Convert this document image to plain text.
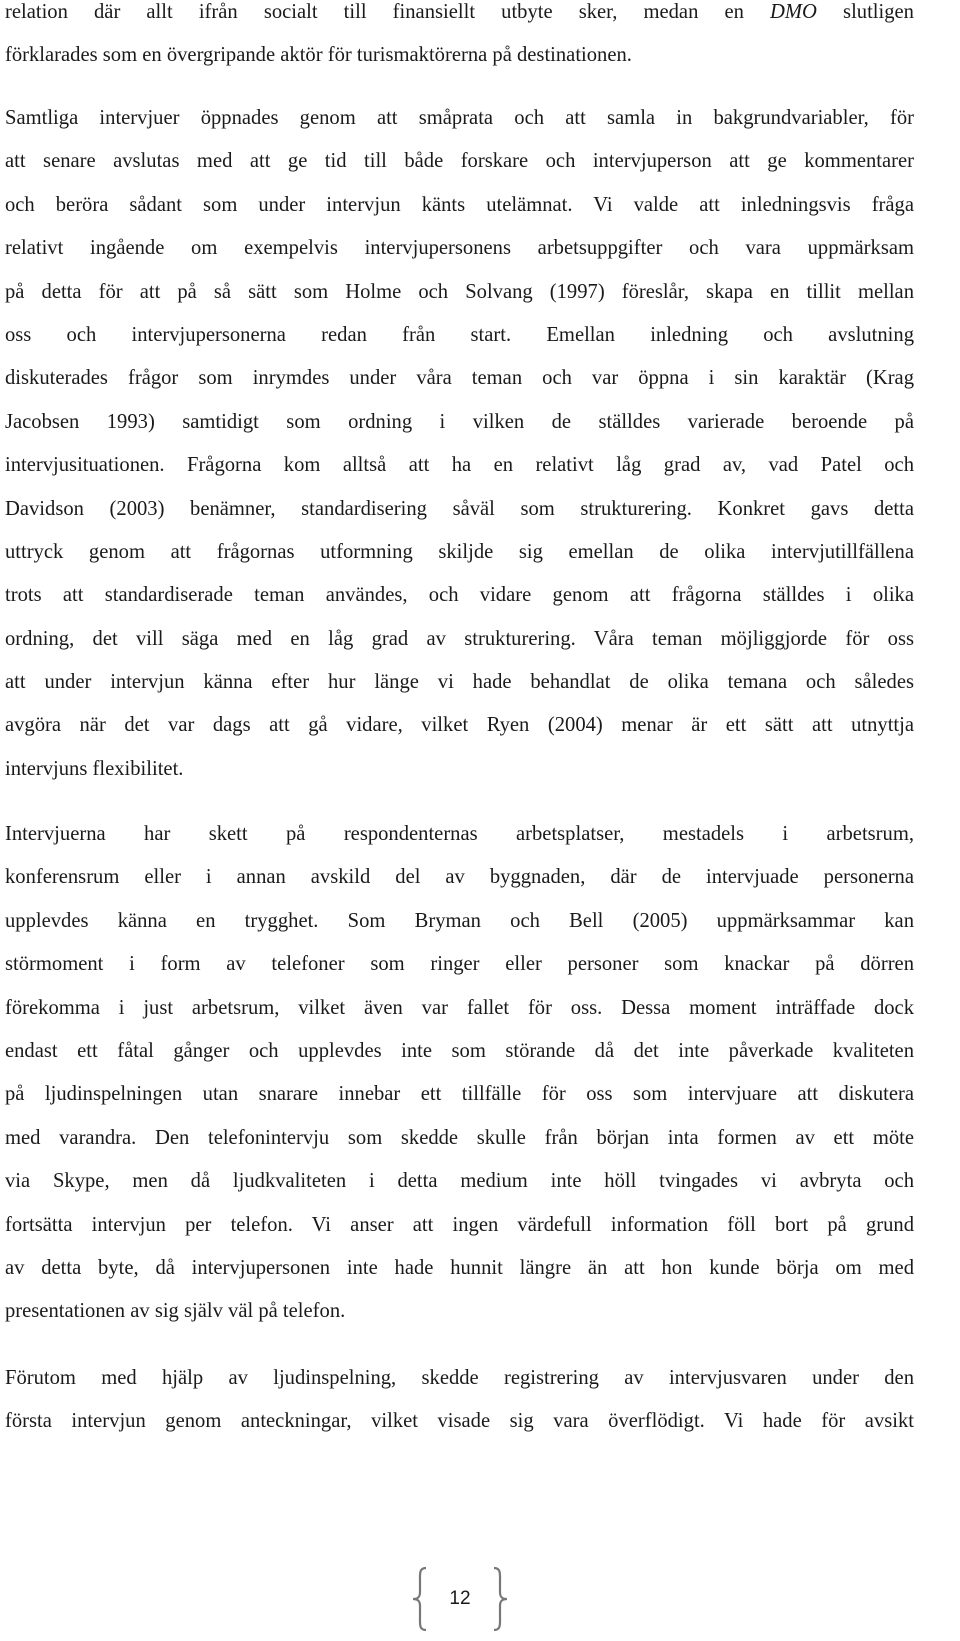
relation där allt ifrån socialt till finansiellt utbyte sker, medan en DMO slutligen
förklarades som en övergripande aktör för turismaktörerna på destinationen.
Samtliga intervjuer öppnades genom att småprata och att samla in bakgrundvariabler, för
att senare avslutas med att ge tid till både forskare och intervjuperson att ge kommentarer
och beröra sådant som under intervjun känts utelämnat. Vi valde att inledningsvis fråga
relativt ingående om exempelvis intervjupersonens arbetsuppgifter och vara uppmärksam
på detta för att på så sätt som Holme och Solvang (1997) föreslår, skapa en tillit mellan
oss och intervjupersonerna redan från start. Emellan inledning och avslutning
diskuterades frågor som inrymdes under våra teman och var öppna i sin karaktär (Krag
Jacobsen 1993) samtidigt som ordning i vilken de ställdes varierade beroende på
intervjusituationen. Frågorna kom alltså att ha en relativt låg grad av, vad Patel och
Davidson (2003) benämner, standardisering såväl som strukturering. Konkret gavs detta
uttryck genom att frågornas utformning skiljde sig emellan de olika intervjutillfällena
trots att standardiserade teman användes, och vidare genom att frågorna ställdes i olika
ordning, det vill säga med en låg grad av strukturering. Våra teman möjliggjorde för oss
att under intervjun känna efter hur länge vi hade behandlat de olika temana och således
avgöra när det var dags att gå vidare, vilket Ryen (2004) menar är ett sätt att utnyttja
intervjuns flexibilitet.
Intervjuerna har skett på respondenternas arbetsplatser, mestadels i arbetsrum,
konferensrum eller i annan avskild del av byggnaden, där de intervjuade personerna
upplevdes känna en trygghet. Som Bryman och Bell (2005) uppmärksammar kan
störmoment i form av telefoner som ringer eller personer som knackar på dörren
förekomma i just arbetsrum, vilket även var fallet för oss. Dessa moment inträffade dock
endast ett fåtal gånger och upplevdes inte som störande då det inte påverkade kvaliteten
på ljudinspelningen utan snarare innebar ett tillfälle för oss som intervjuare att diskutera
med varandra. Den telefonintervju som skedde skulle från början inta formen av ett möte
via Skype, men då ljudkvaliteten i detta medium inte höll tvingades vi avbryta och
fortsätta intervjun per telefon. Vi anser att ingen värdefull information föll bort på grund
av detta byte, då intervjupersonen inte hade hunnit längre än att hon kunde börja om med
presentationen av sig själv väl på telefon.
Förutom med hjälp av ljudinspelning, skedde registrering av intervjusvaren under den
första intervjun genom anteckningar, vilket visade sig vara överflödigt. Vi hade för avsikt
12
